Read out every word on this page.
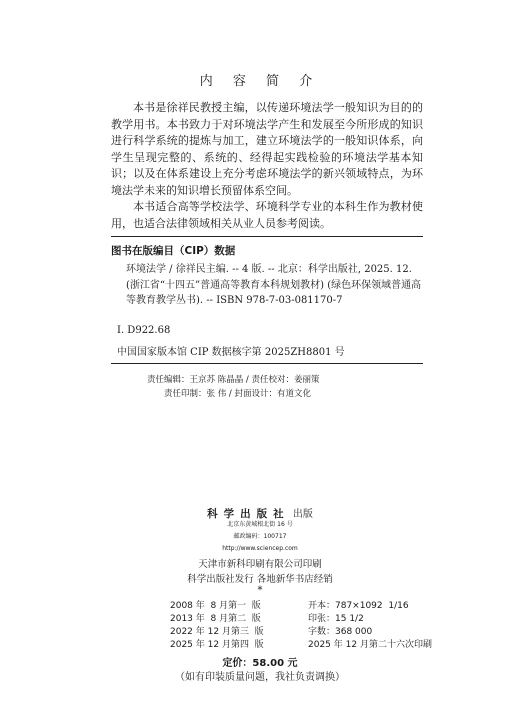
内 容 简 介

本书是徐祥民教授主编，以传递环境法学一般知识为目的的教学用书。本书致力于对环境法学产生和发展至今所形成的知识进行科学系统的提炼与加工，建立环境法学的一般知识体系，向学生呈现完整的、系统的、经得起实践检验的环境法学基本知识；以及在体系建设上充分考虑环境法学的新兴领域特点，为环境法学未来的知识增长预留体系空间。

本书适合高等学校法学、环境科学专业的本科生作为教材使用，也适合法律领域相关从业人员参考阅读。

图书在版编目（CIP）数据
环境法学 / 徐祥民主编. -- 4 版. -- 北京：科学出版社, 2025. 12. (浙江省“十四五”普通高等教育本科规划教材) (绿色环保领域普通高等教育教学丛书). -- ISBN 978-7-03-081170-7
Ⅰ. D922.68
中国国家版本馆 CIP 数据核字第 2025ZH8801 号
责任编辑：王京苏 陈晶晶 / 责任校对：姜丽策
责任印制：张 伟 / 封面设计：有道文化
科学出版社 出版
北京东黄城根北街 16 号
邮政编码：100717
http://www.sciencep.com
天津市新科印刷有限公司印刷
科学出版社发行 各地新华书店经销
*
2008 年  8 月第一  版	开本：787×1092  1/16
2013 年  8 月第二  版	印张：15 1/2
2022 年 12 月第三  版	字数：368 000
2025 年 12 月第四  版	2025 年 12 月第二十六次印刷
定价：58.00 元
（如有印装质量问题，我社负责调换）
